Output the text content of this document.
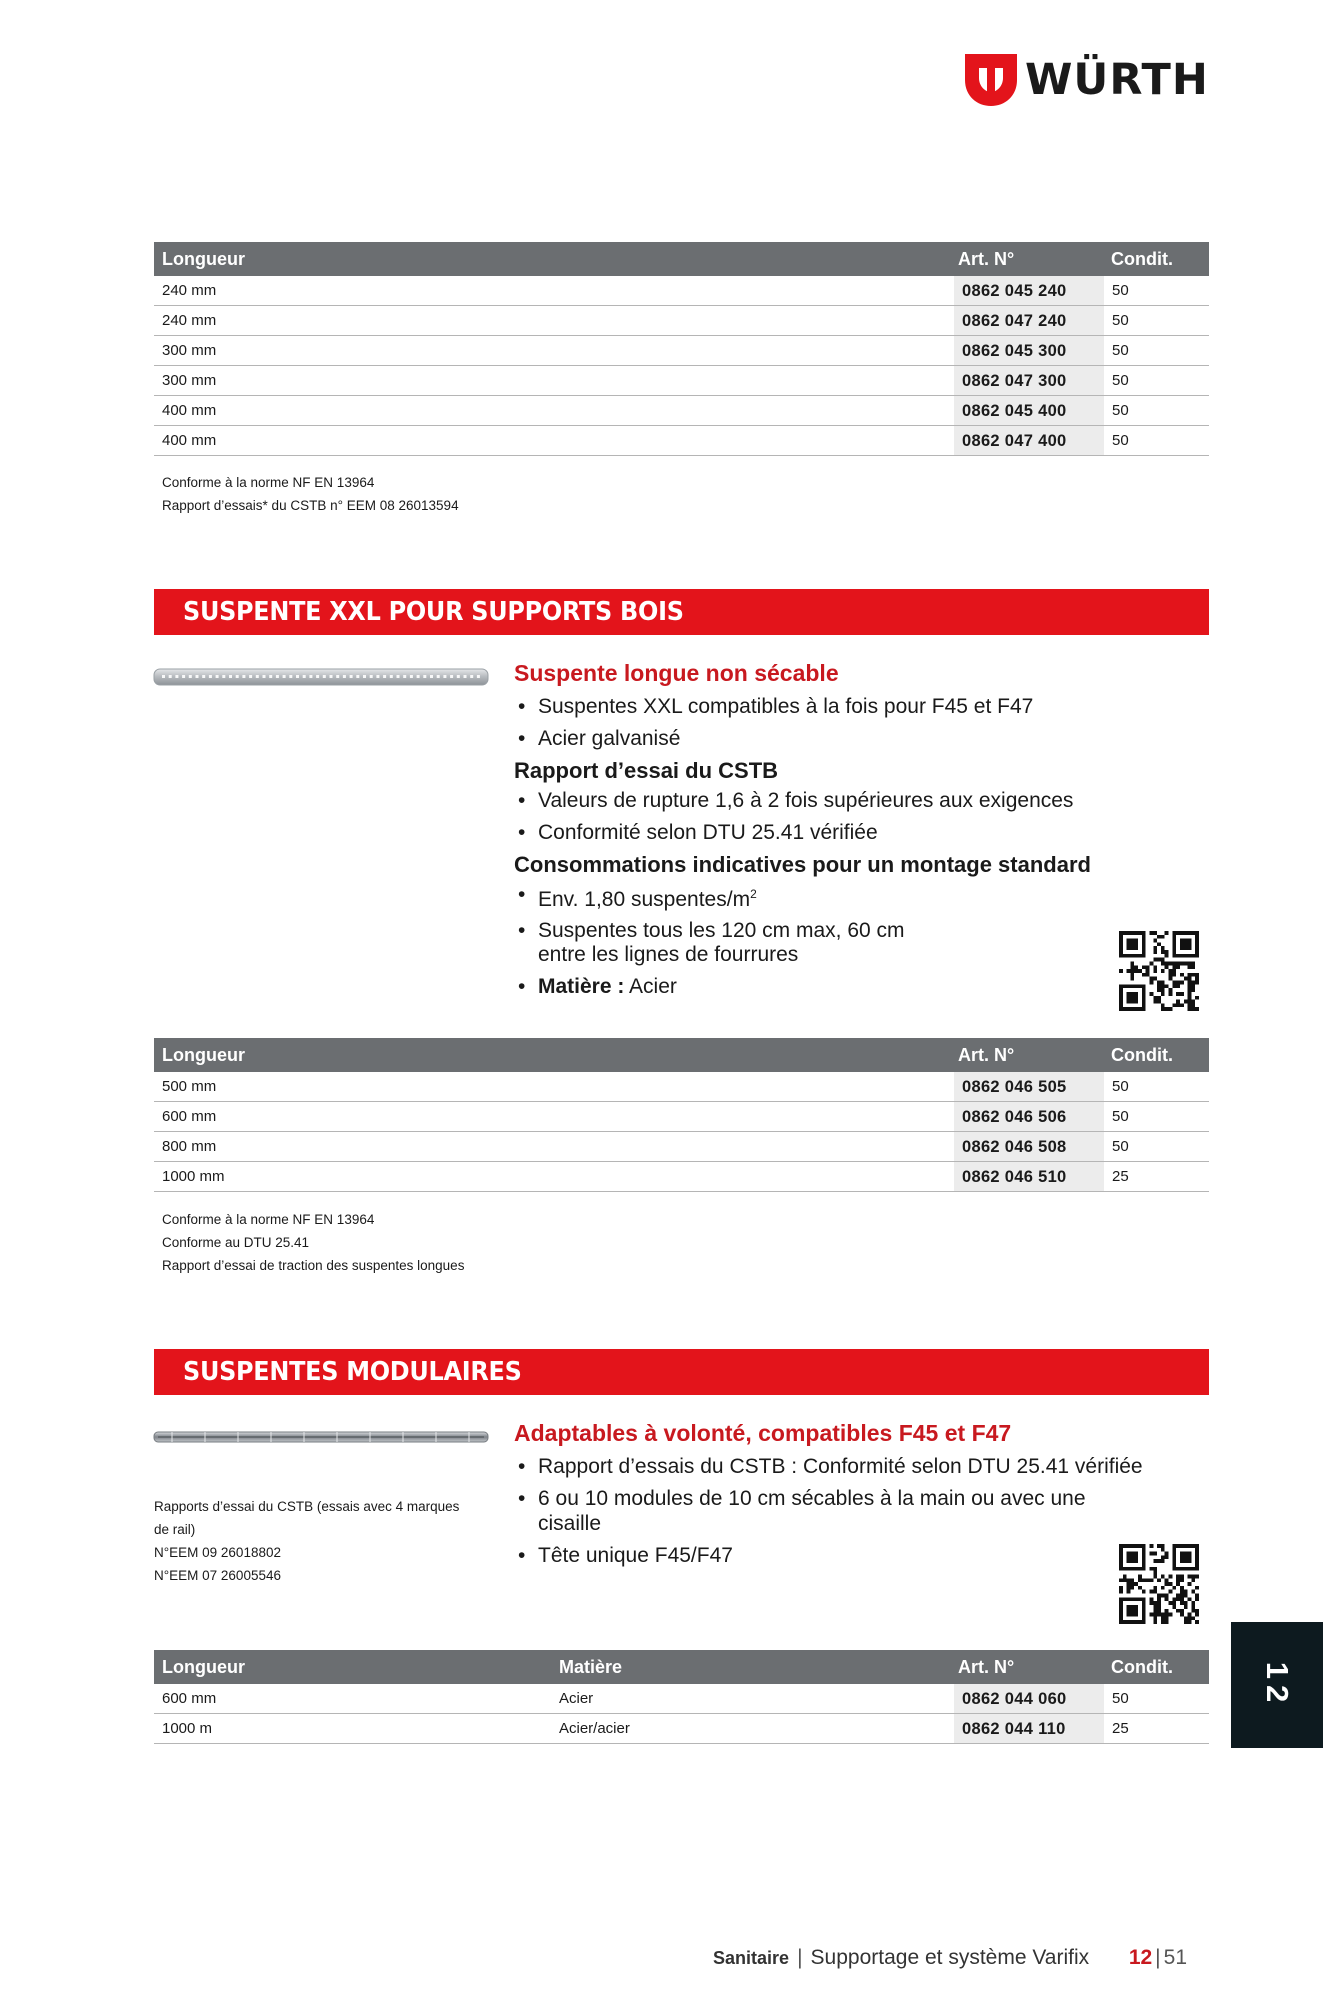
WÜRTH
Longueur	Art. N°	Condit.
240 mm	0862 045 240	50
240 mm	0862 047 240	50
300 mm	0862 045 300	50
300 mm	0862 047 300	50
400 mm	0862 045 400	50
400 mm	0862 047 400	50
Conforme à la norme NF EN 13964
Rapport d’essais* du CSTB n° EEM 08 26013594
SUSPENTE XXL POUR SUPPORTS BOIS
Suspente longue non sécable
• Suspentes XXL compatibles à la fois pour F45 et F47
• Acier galvanisé
Rapport d’essai du CSTB
• Valeurs de rupture 1,6 à 2 fois supérieures aux exigences
• Conformité selon DTU 25.41 vérifiée
Consommations indicatives pour un montage standard
• Env. 1,80 suspentes/$m^2$
• Suspentes tous les 120 cm max, 60 cm
entre les lignes de fourrures
• Matière : Acier
Longueur	Art. N°	Condit.
500 mm	0862 046 505	50
600 mm	0862 046 506	50
800 mm	0862 046 508	50
1000 mm	0862 046 510	25
Conforme à la norme NF EN 13964
Conforme au DTU 25.41
Rapport d’essai de traction des suspentes longues
SUSPENTES MODULAIRES
Rapports d’essai du CSTB (essais avec 4 marques
de rail)
N°EEM 09 26018802
N°EEM 07 26005546
Adaptables à volonté, compatibles F45 et F47
• Rapport d’essais du CSTB : Conformité selon DTU 25.41 vérifiée
• 6 ou 10 modules de 10 cm sécables à la main ou avec une cisaille
• Tête unique F45/F47
Longueur	Matière	Art. N°	Condit.
600 mm	Acier	0862 044 060	50
1000 m	Acier/acier	0862 044 110	25
12
Sanitaire | Supportage et système Varifix 12 | 51
